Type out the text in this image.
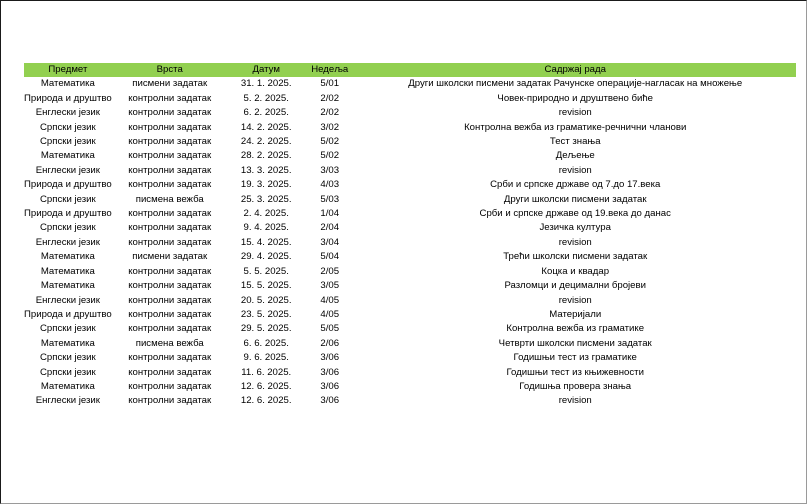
Предмет	Врста	Датум	Недеља	Садржај рада
Математика	писмени задатак	31. 1. 2025.	5/01	Други школски писмени задатак Рачунске операције-нагласак на множење
Природа и друштво	контролни задатак	5. 2. 2025.	2/02	Човек-природно и друштвено биће
Енглески језик	контролни задатак	6. 2. 2025.	2/02	revision
Српски језик	контролни задатак	14. 2. 2025.	3/02	Контролна вежба из граматике-речнични чланови
Српски језик	контролни задатак	24. 2. 2025.	5/02	Тест знања
Математика	контролни задатак	28. 2. 2025.	5/02	Дељење
Енглески језик	контролни задатак	13. 3. 2025.	3/03	revision
Природа и друштво	контролни задатак	19. 3. 2025.	4/03	Срби и српске државе од 7.до 17.века
Српски језик	писмена вежба	25. 3. 2025.	5/03	Други школски писмени задатак
Природа и друштво	контролни задатак	2. 4. 2025.	1/04	Срби и српске државе од 19.века до данас
Српски језик	контролни задатак	9. 4. 2025.	2/04	Језичка култура
Енглески језик	контролни задатак	15. 4. 2025.	3/04	revision
Математика	писмени задатак	29. 4. 2025.	5/04	Трећи школски писмени задатак
Математика	контролни задатак	5. 5. 2025.	2/05	Коцка и квадар
Математика	контролни задатак	15. 5. 2025.	3/05	Разломци и децимални бројеви
Енглески језик	контролни задатак	20. 5. 2025.	4/05	revision
Природа и друштво	контролни задатак	23. 5. 2025.	4/05	Материјали
Српски језик	контролни задатак	29. 5. 2025.	5/05	Контролна вежба из граматике
Математика	писмена вежба	6. 6. 2025.	2/06	Четврти школски писмени задатак
Српски језик	контролни задатак	9. 6. 2025.	3/06	Годишњи тест из граматике
Српски језик	контролни задатак	11. 6. 2025.	3/06	Годишњи тест из књижевности
Математика	контролни задатак	12. 6. 2025.	3/06	Годишња провера знања
Енглески језик	контролни задатак	12. 6. 2025.	3/06	revision
